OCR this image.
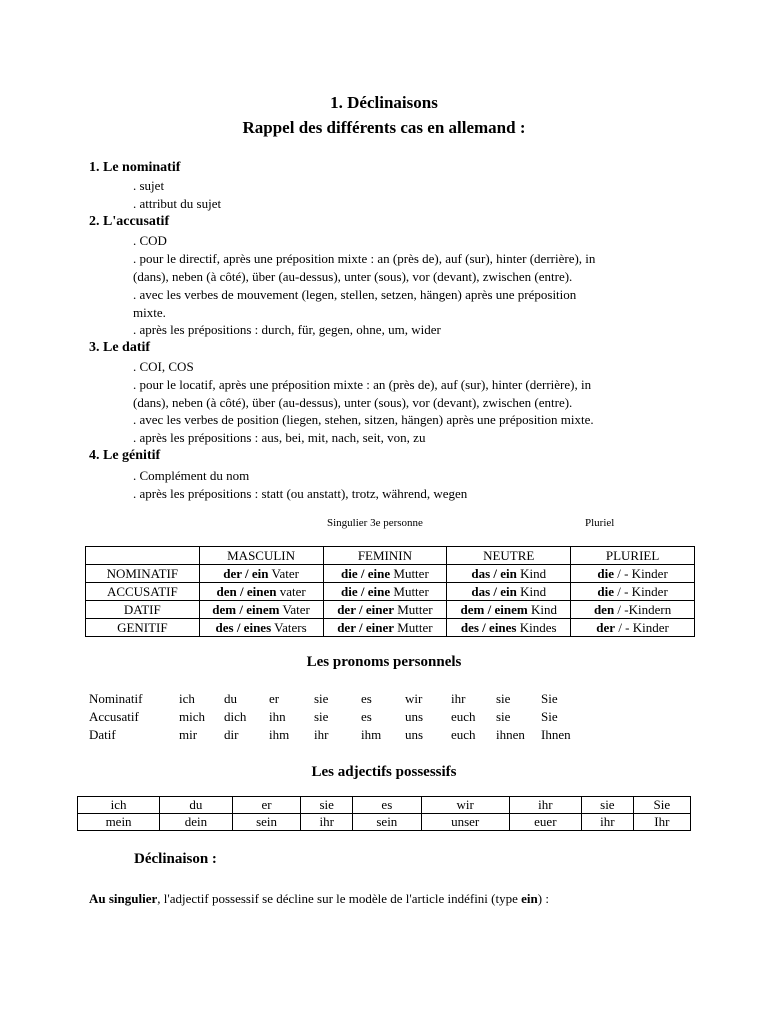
1. Déclinaisons
Rappel des différents cas en allemand :
1. Le nominatif
. sujet
. attribut du sujet
2. L'accusatif
. COD
. pour le directif, après une préposition mixte : an (près de), auf (sur), hinter (derrière), in
(dans), neben (à côté), über (au-dessus), unter (sous), vor (devant), zwischen (entre).
. avec les verbes de mouvement (legen, stellen, setzen, hängen) après une préposition
mixte.
. après les prépositions : durch, für, gegen, ohne, um, wider
3. Le datif
. COI, COS
. pour le locatif, après une préposition mixte : an (près de), auf (sur), hinter (derrière), in
(dans), neben (à côté), über (au-dessus), unter (sous), vor (devant), zwischen (entre).
. avec les verbes de position (liegen, stehen, sitzen, hängen) après une préposition mixte.
. après les prépositions : aus, bei, mit, nach, seit, von, zu
4. Le génitif
. Complément du nom
. après les prépositions : statt (ou anstatt), trotz, während, wegen
Singulier 3e personne	Pluriel
	MASCULIN	FEMININ	NEUTRE	PLURIEL
NOMINATIF	der / ein Vater	die / eine Mutter	das / ein Kind	die / - Kinder
ACCUSATIF	den / einen vater	die / eine Mutter	das / ein Kind	die / - Kinder
DATIF	dem / einem Vater	der / einer Mutter	dem / einem Kind	den / -Kindern
GENITIF	des / eines Vaters	der / einer Mutter	des / eines Kindes	der / - Kinder
Les pronoms personnels
Nominatif	ich du er	sie	es	wir ihr sie Sie
Accusatif	mich dich ihn sie	es	uns euch sie Sie
Datif	mir dir ihm ihr	ihm uns euch ihnen Ihnen
Les adjectifs possessifs
ich	du	er	sie	es	wir	ihr	sie	Sie
mein	dein	sein	ihr	sein	unser	euer	ihr	Ihr
Déclinaison :
Au singulier, l'adjectif possessif se décline sur le modèle de l'article indéfini (type ein) :
